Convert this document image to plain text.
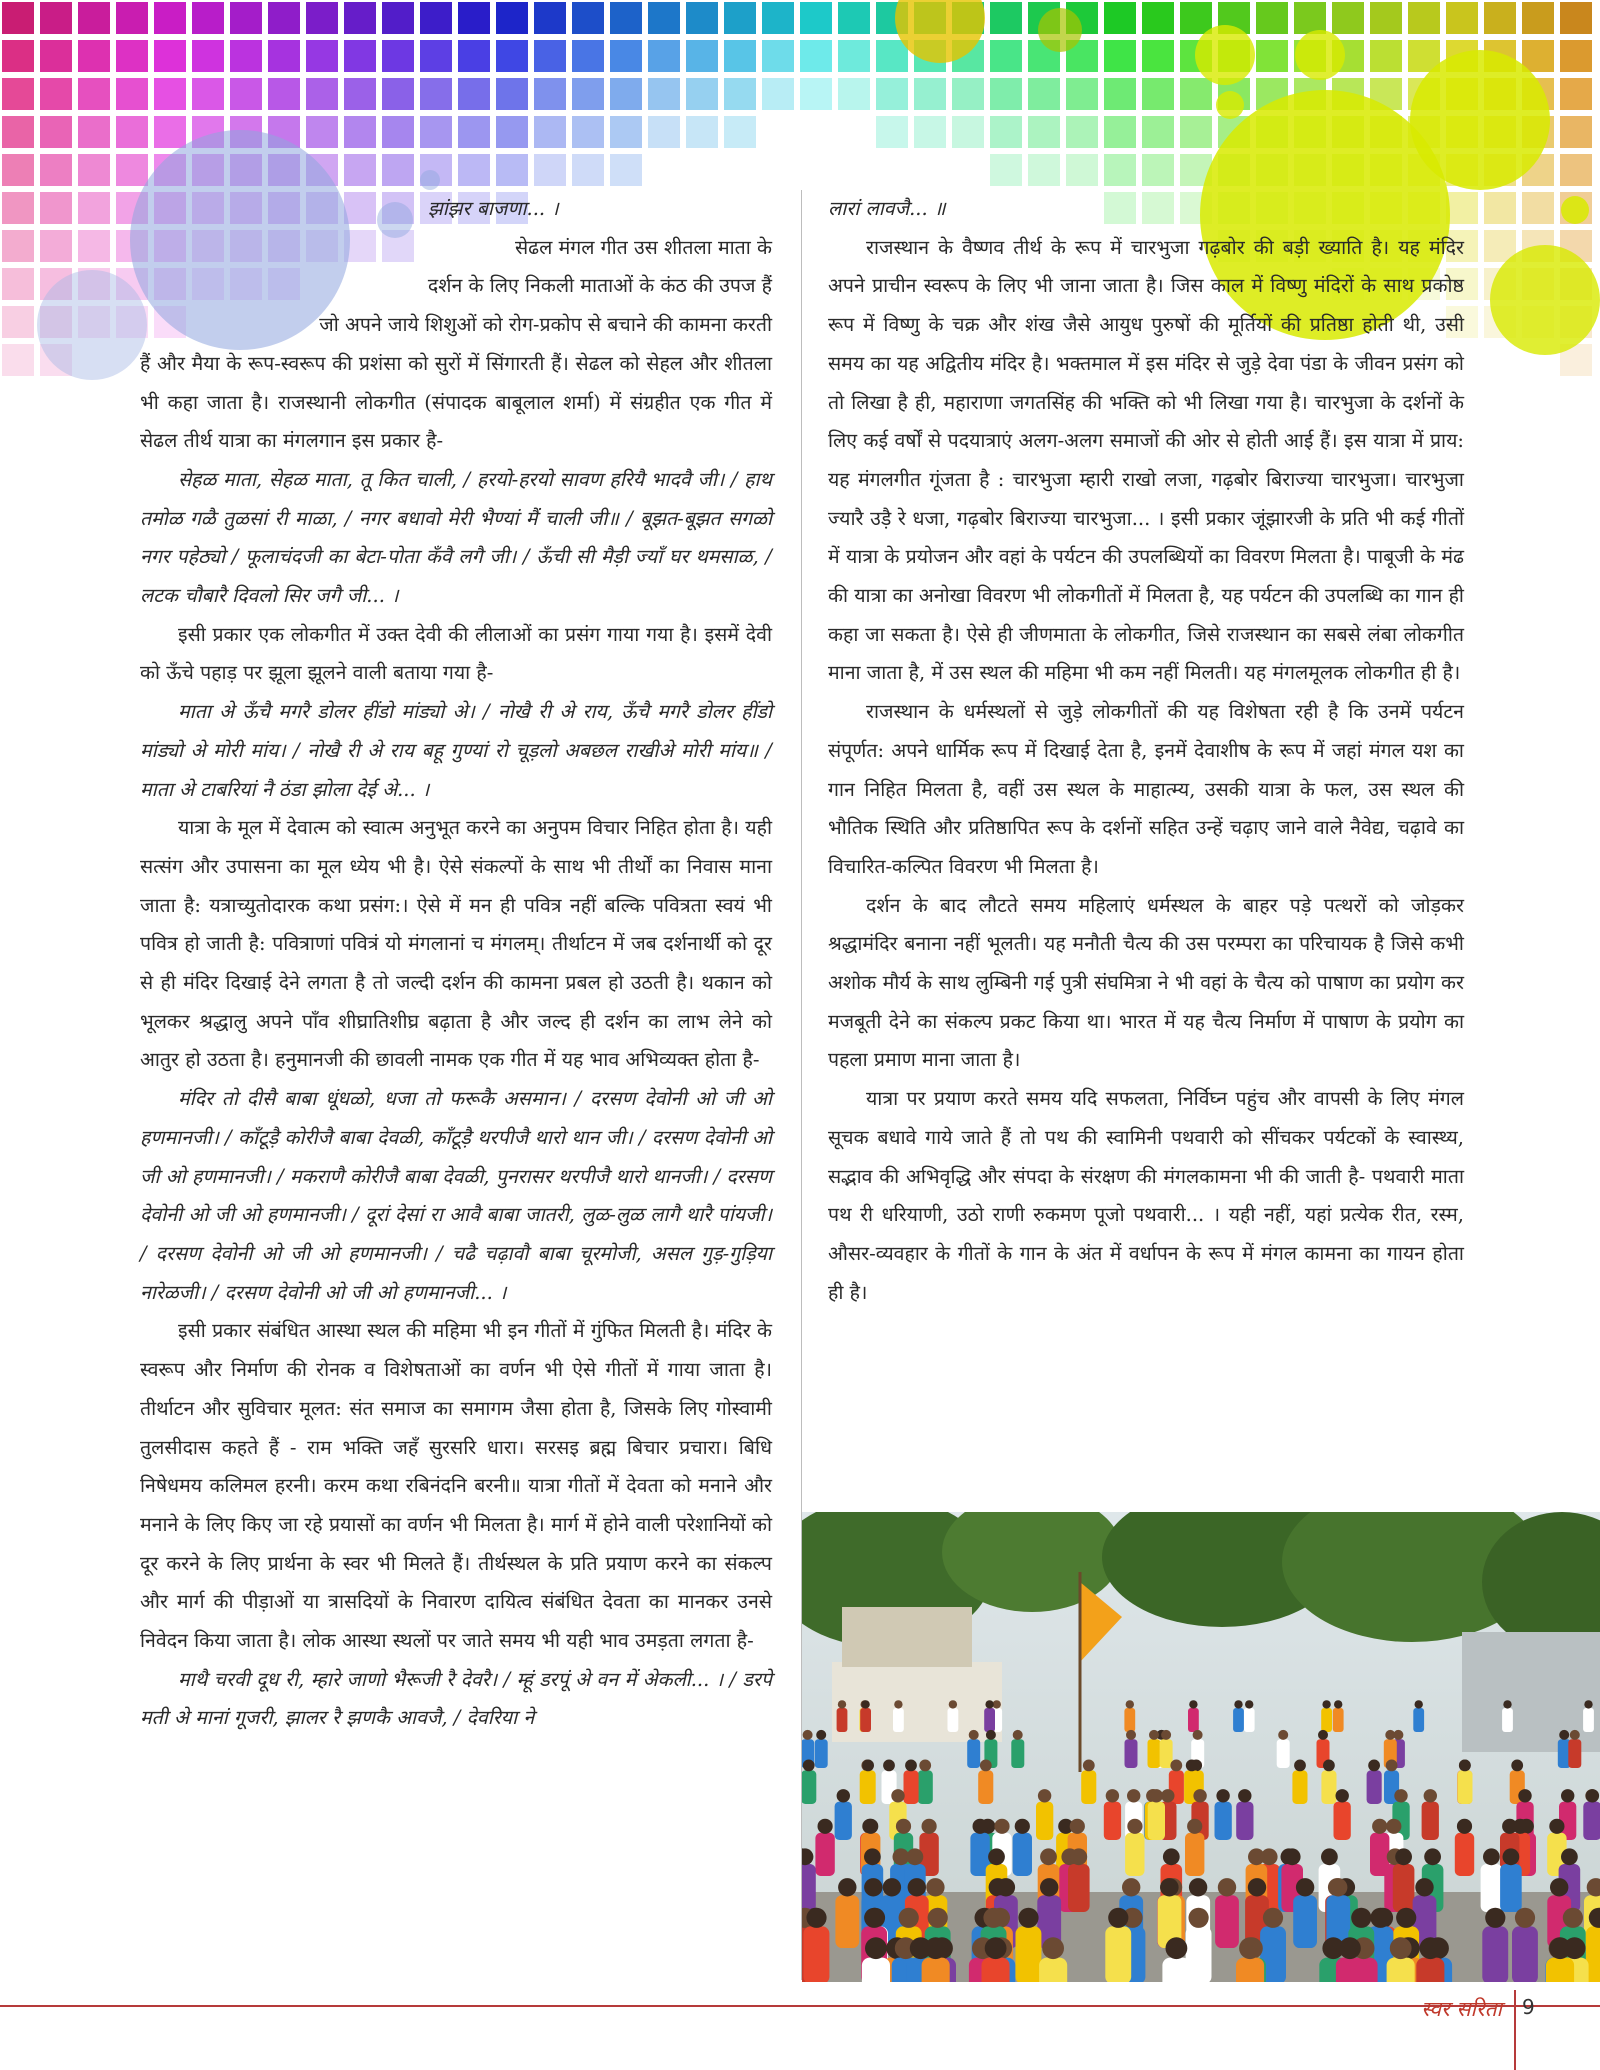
झांझर बाजणा... ।

सेढल मंगल गीत उस शीतला माता के

दर्शन के लिए निकली माताओं के कंठ की उपज हैं

जो अपने जाये शिशुओं को रोग-प्रकोप से बचाने की कामना करती

हैं और मैया के रूप-स्वरूप की प्रशंसा को सुरों में सिंगारती हैं। सेढल को सेहल और शीतला भी कहा जाता है। राजस्थानी लोकगीत (संपादक बाबूलाल शर्मा) में संग्रहीत एक गीत में सेढल तीर्थ यात्रा का मंगलगान इस प्रकार है-

सेहळ माता, सेहळ माता, तू कित चाली, / हरयो-हरयो सावण हरियै भादवै जी। / हाथ तमोळ गळै तुळसां री माळा, / नगर बधावो मेरी भैण्यां मैं चाली जी॥ / बूझत-बूझत सगळो नगर पहेठ्यो / फूलाचंदजी का बेटा-पोता कँवै लगै जी। / ऊँची सी मैड़ी ज्याँ घर थमसाळ, / लटक चौबारै दिवलो सिर जगै जी... ।

इसी प्रकार एक लोकगीत में उक्त देवी की लीलाओं का प्रसंग गाया गया है। इसमें देवी को ऊँचे पहाड़ पर झूला झूलने वाली बताया गया है-

माता अे ऊँचै मगरै डोलर हींडो मांड्यो अे। / नोखै री अे राय, ऊँचै मगरै डोलर हींडो मांड्यो अे मोरी मांय। / नोखै री अे राय बहू गुण्यां रो चूड़लो अबछल राखीअे मोरी मांय॥ / माता अे टाबरियां नै ठंडा झोला देई अे... ।

यात्रा के मूल में देवात्म को स्वात्म अनुभूत करने का अनुपम विचार निहित होता है। यही सत्संग और उपासना का मूल ध्येय भी है। ऐसे संकल्पों के साथ भी तीर्थों का निवास माना जाता है: यत्राच्युतोदारक कथा प्रसंग:। ऐसे में मन ही पवित्र नहीं बल्कि पवित्रता स्वयं भी पवित्र हो जाती है: पवित्राणां पवित्रं यो मंगलानां च मंगलम्। तीर्थाटन में जब दर्शनार्थी को दूर से ही मंदिर दिखाई देने लगता है तो जल्दी दर्शन की कामना प्रबल हो उठती है। थकान को भूलकर श्रद्धालु अपने पाँव शीघ्रातिशीघ्र बढ़ाता है और जल्द ही दर्शन का लाभ लेने को आतुर हो उठता है। हनुमानजी की छावली नामक एक गीत में यह भाव अभिव्यक्त होता है-

मंदिर तो दीसै बाबा धूंधळो, धजा तो फरूकै असमान। / दरसण देवोनी ओ जी ओ हणमानजी। / काँटूड़ै कोरीजै बाबा देवळी, काँटूड़ै थरपीजै थारो थान जी। / दरसण देवोनी ओ जी ओ हणमानजी। / मकराणै कोरीजै बाबा देवळी, पुनरासर थरपीजै थारो थानजी। / दरसण देवोनी ओ जी ओ हणमानजी। / दूरां देसां रा आवै बाबा जातरी, लुळ-लुळ लागै थारै पांयजी। / दरसण देवोनी ओ जी ओ हणमानजी। / चढै चढ़ावौ बाबा चूरमोजी, असल गुड़-गुड़िया नारेळजी। / दरसण देवोनी ओ जी ओ हणमानजी... ।

इसी प्रकार संबंधित आस्था स्थल की महिमा भी इन गीतों में गुंफित मिलती है। मंदिर के स्वरूप और निर्माण की रोनक व विशेषताओं का वर्णन भी ऐसे गीतों में गाया जाता है। तीर्थाटन और सुविचार मूलत: संत समाज का समागम जैसा होता है, जिसके लिए गोस्वामी तुलसीदास कहते हैं - राम भक्ति जहँ सुरसरि धारा। सरसइ ब्रह्म बिचार प्रचारा। बिधि निषेधमय कलिमल हरनी। करम कथा रबिनंदनि बरनी॥ यात्रा गीतों में देवता को मनाने और मनाने के लिए किए जा रहे प्रयासों का वर्णन भी मिलता है। मार्ग में होने वाली परेशानियों को दूर करने के लिए प्रार्थना के स्वर भी मिलते हैं। तीर्थस्थल के प्रति प्रयाण करने का संकल्प और मार्ग की पीड़ाओं या त्रासदियों के निवारण दायित्व संबंधित देवता का मानकर उनसे निवेदन किया जाता है। लोक आस्था स्थलों पर जाते समय भी यही भाव उमड़ता लगता है-

माथै चरवी दूध री, म्हारे जाणो भैरूजी रै देवरै। / म्हूं डरपूं अे वन में अेकली... । / डरपे मती अे मानां गूजरी, झालर रै झणकै आवजै, / देवरिया ने

लारां लावजै... ॥

राजस्थान के वैष्णव तीर्थ के रूप में चारभुजा गढ़बोर की बड़ी ख्याति है। यह मंदिर अपने प्राचीन स्वरूप के लिए भी जाना जाता है। जिस काल में विष्णु मंदिरों के साथ प्रकोष्ठ रूप में विष्णु के चक्र और शंख जैसे आयुध पुरुषों की मूर्तियों की प्रतिष्ठा होती थी, उसी समय का यह अद्वितीय मंदिर है। भक्तमाल में इस मंदिर से जुड़े देवा पंडा के जीवन प्रसंग को तो लिखा है ही, महाराणा जगतसिंह की भक्ति को भी लिखा गया है। चारभुजा के दर्शनों के लिए कई वर्षों से पदयात्राएं अलग-अलग समाजों की ओर से होती आई हैं। इस यात्रा में प्राय: यह मंगलगीत गूंजता है : चारभुजा म्हारी राखो लजा, गढ़बोर बिराज्या चारभुजा। चारभुजा ज्यारै उड़ै रे धजा, गढ़बोर बिराज्या चारभुजा... । इसी प्रकार जूंझारजी के प्रति भी कई गीतों में यात्रा के प्रयोजन और वहां के पर्यटन की उपलब्धियों का विवरण मिलता है। पाबूजी के मंढ की यात्रा का अनोखा विवरण भी लोकगीतों में मिलता है, यह पर्यटन की उपलब्धि का गान ही कहा जा सकता है। ऐसे ही जीणमाता के लोकगीत, जिसे राजस्थान का सबसे लंबा लोकगीत माना जाता है, में उस स्थल की महिमा भी कम नहीं मिलती। यह मंगलमूलक लोकगीत ही है।

राजस्थान के धर्मस्थलों से जुड़े लोकगीतों की यह विशेषता रही है कि उनमें पर्यटन संपूर्णत: अपने धार्मिक रूप में दिखाई देता है, इनमें देवाशीष के रूप में जहां मंगल यश का गान निहित मिलता है, वहीं उस स्थल के माहात्म्य, उसकी यात्रा के फल, उस स्थल की भौतिक स्थिति और प्रतिष्ठापित रूप के दर्शनों सहित उन्हें चढ़ाए जाने वाले नैवेद्य, चढ़ावे का विचारित-कल्पित विवरण भी मिलता है।

दर्शन के बाद लौटते समय महिलाएं धर्मस्थल के बाहर पड़े पत्थरों को जोड़कर श्रद्धामंदिर बनाना नहीं भूलती। यह मनौती चैत्य की उस परम्परा का परिचायक है जिसे कभी अशोक मौर्य के साथ लुम्बिनी गई पुत्री संघमित्रा ने भी वहां के चैत्य को पाषाण का प्रयोग कर मजबूती देने का संकल्प प्रकट किया था। भारत में यह चैत्य निर्माण में पाषाण के प्रयोग का पहला प्रमाण माना जाता है।

यात्रा पर प्रयाण करते समय यदि सफलता, निर्विघ्न पहुंच और वापसी के लिए मंगल सूचक बधावे गाये जाते हैं तो पथ की स्वामिनी पथवारी को सींचकर पर्यटकों के स्वास्थ्य, सद्भाव की अभिवृद्धि और संपदा के संरक्षण की मंगलकामना भी की जाती है- पथवारी माता पथ री धरियाणी, उठो राणी रुकमण पूजो पथवारी... । यही नहीं, यहां प्रत्येक रीत, रस्म, औसर-व्यवहार के गीतों के गान के अंत में वर्धापन के रूप में मंगल कामना का गायन होता ही है।

स्वर सरिता 9
